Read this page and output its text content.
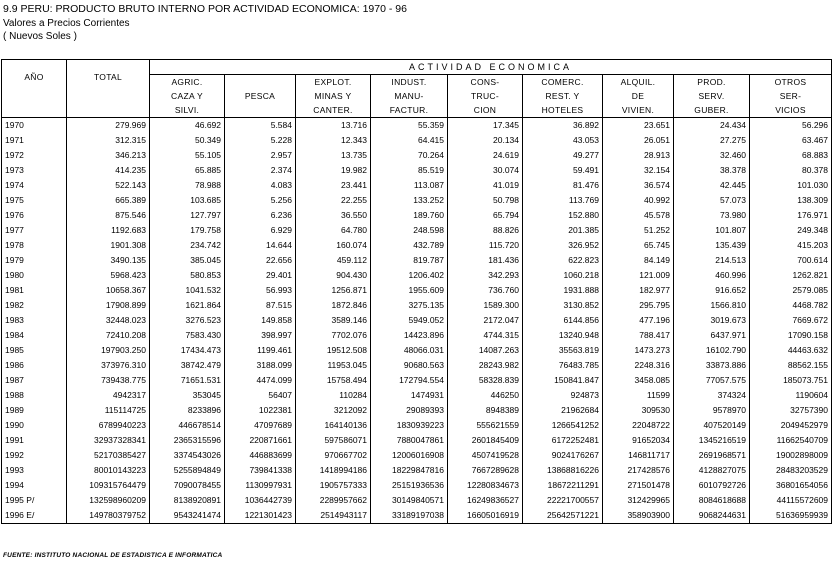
9.9 PERU: PRODUCTO BRUTO INTERNO POR ACTIVIDAD ECONOMICA: 1970 - 96
Valores a Precios Corrientes
( Nuevos Soles )
AÑO	TOTAL	ACTIVIDAD ECONOMICA								

		AGRIC.
CAZA Y
SILVI.	PESCA	EXPLOT.
MINAS Y
CANTER.	INDUST.
MANU-
FACTUR.	CONS-
TRUC-
CION	COMERC.
REST. Y
HOTELES	ALQUIL.
DE
VIVIEN.	PROD.
SERV.
GUBER.	OTROS
SER-
VICIOS

1970	279.969	46.692	5.584	13.716	55.359	17.345	36.892	23.651	24.434	56.296
1971	312.315	50.349	5.228	12.343	64.415	20.134	43.053	26.051	27.275	63.467
1972	346.213	55.105	2.957	13.735	70.264	24.619	49.277	28.913	32.460	68.883
1973	414.235	65.885	2.374	19.982	85.519	30.074	59.491	32.154	38.378	80.378
1974	522.143	78.988	4.083	23.441	113.087	41.019	81.476	36.574	42.445	101.030
1975	665.389	103.685	5.256	22.255	133.252	50.798	113.769	40.992	57.073	138.309
1976	875.546	127.797	6.236	36.550	189.760	65.794	152.880	45.578	73.980	176.971
1977	1192.683	179.758	6.929	64.780	248.598	88.826	201.385	51.252	101.807	249.348
1978	1901.308	234.742	14.644	160.074	432.789	115.720	326.952	65.745	135.439	415.203
1979	3490.135	385.045	22.656	459.112	819.787	181.436	622.823	84.149	214.513	700.614
1980	5968.423	580.853	29.401	904.430	1206.402	342.293	1060.218	121.009	460.996	1262.821
1981	10658.367	1041.532	56.993	1256.871	1955.609	736.760	1931.888	182.977	916.652	2579.085
1982	17908.899	1621.864	87.515	1872.846	3275.135	1589.300	3130.852	295.795	1566.810	4468.782
1983	32448.023	3276.523	149.858	3589.146	5949.052	2172.047	6144.856	477.196	3019.673	7669.672
1984	72410.208	7583.430	398.997	7702.076	14423.896	4744.315	13240.948	788.417	6437.971	17090.158
1985	197903.250	17434.473	1199.461	19512.508	48066.031	14087.263	35563.819	1473.273	16102.790	44463.632
1986	373976.310	38742.479	3188.099	11953.045	90680.563	28243.982	76483.785	2248.316	33873.886	88562.155
1987	739438.775	71651.531	4474.099	15758.494	172794.554	58328.839	150841.847	3458.085	77057.575	185073.751
1988	4942317	353045	56407	110284	1474931	446250	924873	11599	374324	1190604
1989	115114725	8233896	1022381	3212092	29089393	8948389	21962684	309530	9578970	32757390
1990	6789940223	446678514	47097689	164140136	1830939223	555621559	1266541252	22048722	407520149	2049452979
1991	32937328341	2365315596	220871661	597586071	7880047861	2601845409	6172252481	91652034	1345216519	11662540709
1992	52170385427	3374543026	446883699	970667702	12006016908	4507419528	9024176267	146811717	2691968571	19002898009
1993	80010143223	5255894849	739841338	1418994186	18229847816	7667289628	13868816226	217428576	4128827075	28483203529
1994	109315764479	7090078455	1130997931	1905757333	25151936536	12280834673	18672211291	271501478	6010792726	36801654056
1995 P/	132598960209	8138920891	1036442739	2289957662	30149840571	16249836527	22221700557	312429965	8084618688	44115572609
1996 E/	149780379752	9543241474	1221301423	2514943117	33189197038	16605016919	25642571221	358903900	9068244631	51636959939
FUENTE: INSTITUTO NACIONAL DE ESTADISTICA E INFORMATICA
